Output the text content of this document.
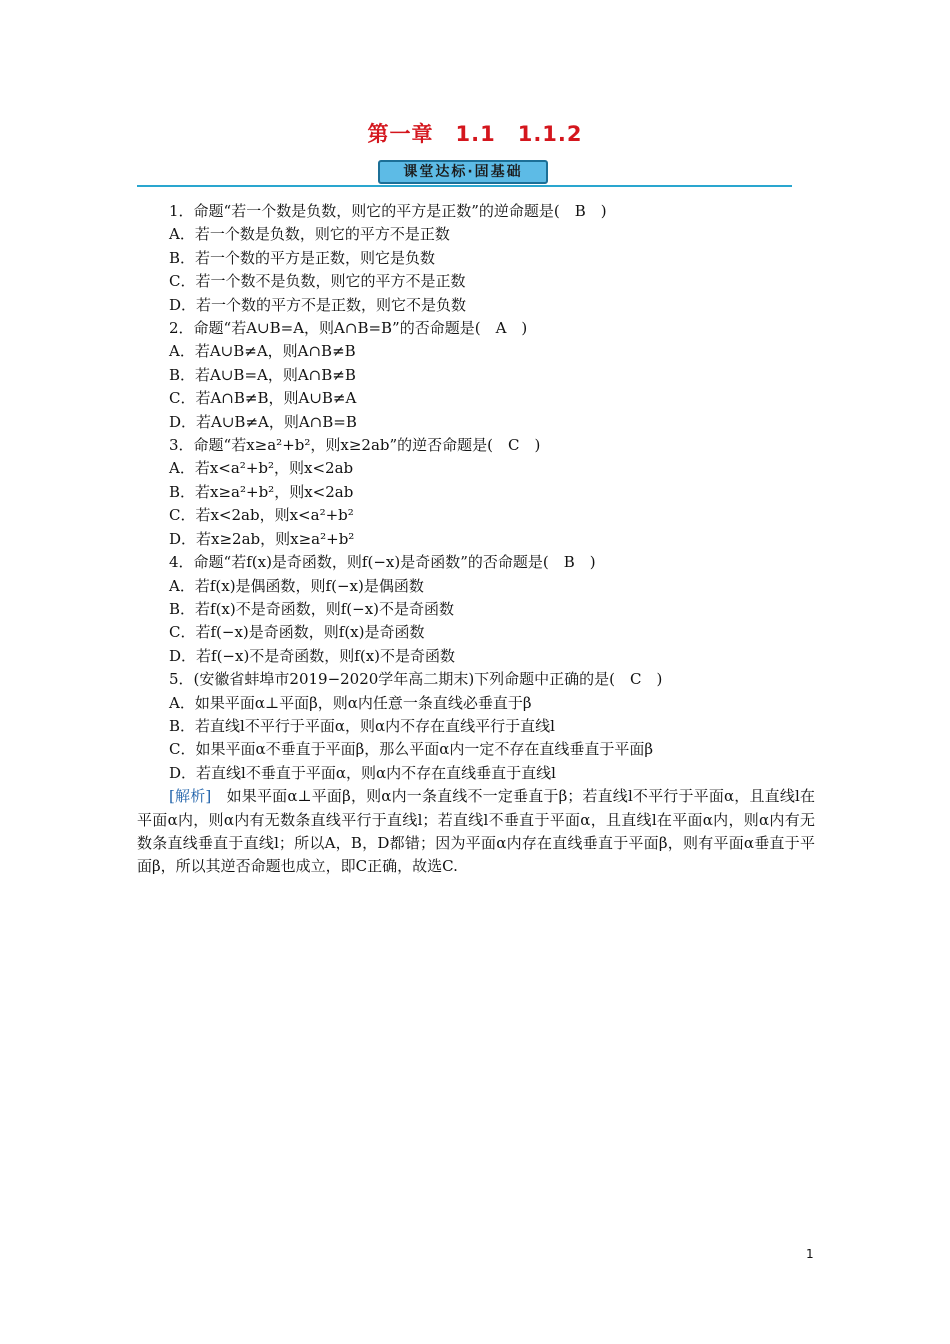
第一章　1.1　1.1.2
课堂达标·固基础
1．命题“若一个数是负数，则它的平方是正数”的逆命题是(　B　)
A．若一个数是负数，则它的平方不是正数
B．若一个数的平方是正数，则它是负数
C．若一个数不是负数，则它的平方不是正数
D．若一个数的平方不是正数，则它不是负数
2．命题“若A∪B=A，则A∩B=B”的否命题是(　A　)
A．若A∪B≠A，则A∩B≠B
B．若A∪B=A，则A∩B≠B
C．若A∩B≠B，则A∪B≠A
D．若A∪B≠A，则A∩B=B
3．命题“若x≥a²+b²，则x≥2ab”的逆否命题是(　C　)
A．若x<a²+b²，则x<2ab
B．若x≥a²+b²，则x<2ab
C．若x<2ab，则x<a²+b²
D．若x≥2ab，则x≥a²+b²
4．命题“若f(x)是奇函数，则f(−x)是奇函数”的否命题是(　B　)
A．若f(x)是偶函数，则f(−x)是偶函数
B．若f(x)不是奇函数，则f(−x)不是奇函数
C．若f(−x)是奇函数，则f(x)是奇函数
D．若f(−x)不是奇函数，则f(x)不是奇函数
5．(安徽省蚌埠市2019−2020学年高二期末)下列命题中正确的是(　C　)
A．如果平面α⊥平面β，则α内任意一条直线必垂直于β
B．若直线l不平行于平面α，则α内不存在直线平行于直线l
C．如果平面α不垂直于平面β，那么平面α内一定不存在直线垂直于平面β
D．若直线l不垂直于平面α，则α内不存在直线垂直于直线l
[解析]　如果平面α⊥平面β，则α内一条直线不一定垂直于β；若直线l不平行于平面α，且直线l在平面α内，则α内有无数条直线平行于直线l；若直线l不垂直于平面α，且直线l在平面α内，则α内有无数条直线垂直于直线l；所以A，B，D都错；因为平面α内存在直线垂直于平面β，则有平面α垂直于平面β，所以其逆否命题也成立，即C正确，故选C.
1
